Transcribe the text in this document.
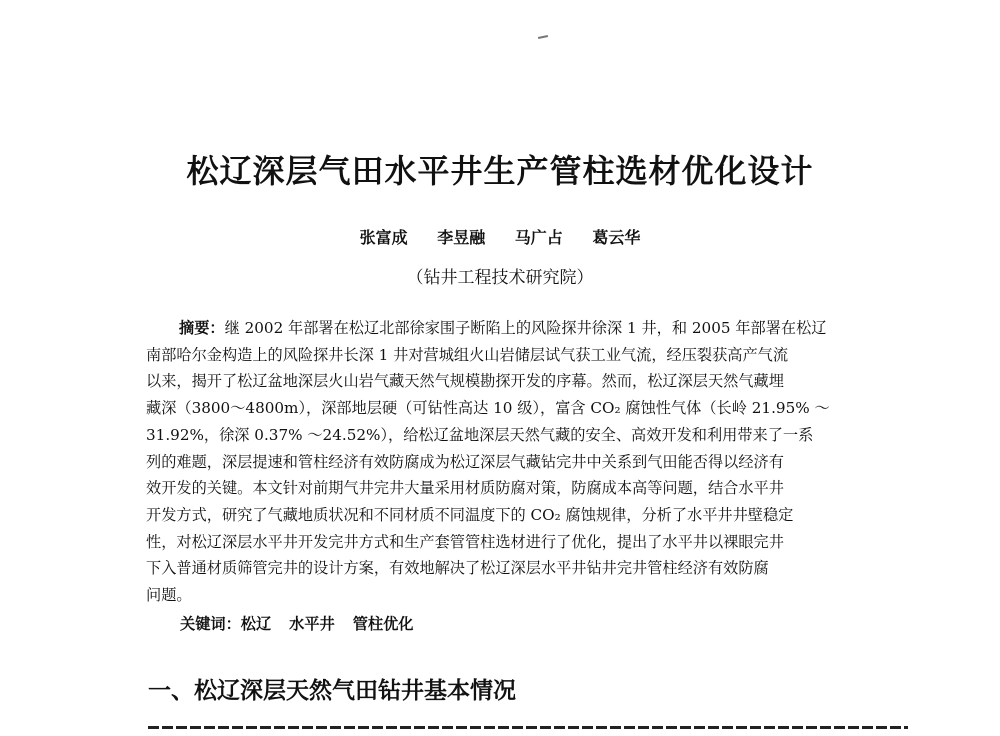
松辽深层气田水平井生产管柱选材优化设计
张富成 李昱融 马广占 葛云华
（钻井工程技术研究院）
摘要：继 2002 年部署在松辽北部徐家围子断陷上的风险探井徐深 1 井，和 2005 年部署在松辽
南部哈尔金构造上的风险探井长深 1 井对营城组火山岩储层试气获工业气流，经压裂获高产气流
以来，揭开了松辽盆地深层火山岩气藏天然气规模勘探开发的序幕。然而，松辽深层天然气藏埋
藏深（3800～4800m），深部地层硬（可钻性高达 10 级），富含 CO₂ 腐蚀性气体（长岭 21.95% ～
31.92%，徐深 0.37% ～24.52%），给松辽盆地深层天然气藏的安全、高效开发和利用带来了一系
列的难题，深层提速和管柱经济有效防腐成为松辽深层气藏钻完井中关系到气田能否得以经济有
效开发的关键。本文针对前期气井完井大量采用材质防腐对策，防腐成本高等问题，结合水平井
开发方式，研究了气藏地质状况和不同材质不同温度下的 CO₂ 腐蚀规律，分析了水平井井壁稳定
性，对松辽深层水平井开发完井方式和生产套管管柱选材进行了优化，提出了水平井以裸眼完井
下入普通材质筛管完井的设计方案，有效地解决了松辽深层水平井钻井完井管柱经济有效防腐
问题。
关键词：松辽 水平井 管柱优化
一、松辽深层天然气田钻井基本情况
